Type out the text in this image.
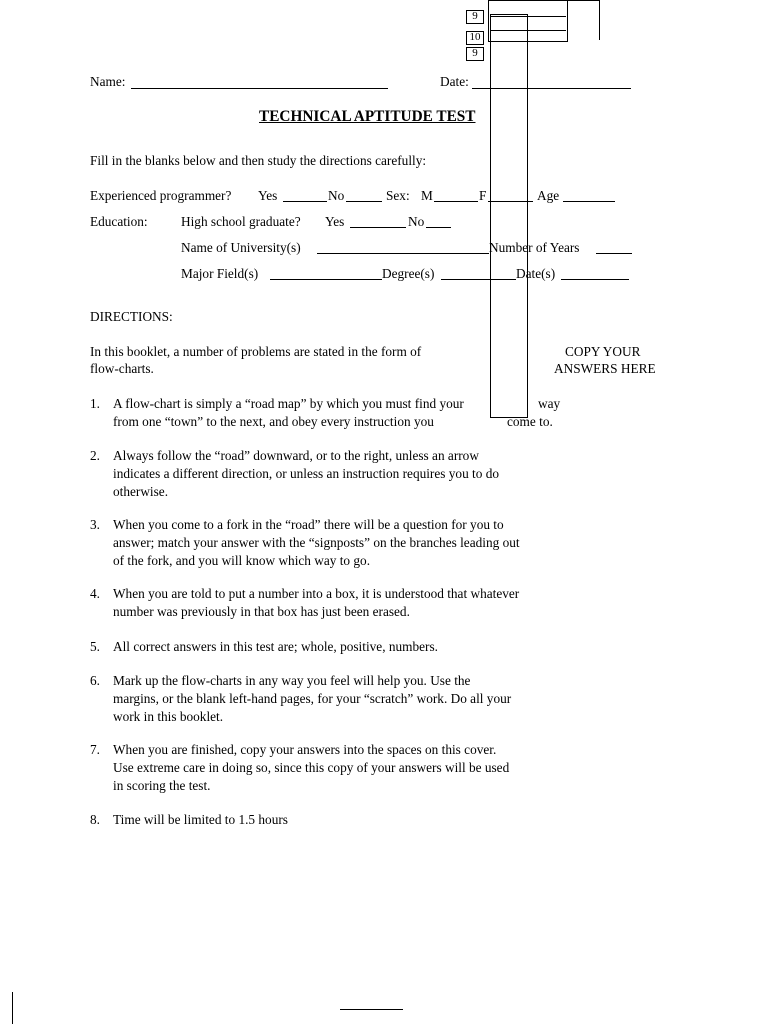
9
10
9
Name:	Date:
TECHNICAL APTITUDE TEST
Fill in the blanks below and then study the directions carefully:
Experienced programmer? Yes	No	Sex: M	F	Age
Education:	High school graduate? Yes	No
Name of University(s)	Number of Years
Major Field(s)	Degree(s)	Date(s)
DIRECTIONS:
In this booklet, a number of problems are stated in the form of
flow-charts.
COPY YOUR
ANSWERS HERE
1. A flow-chart is simply a “road map” by which you must find your
from one “town” to the next, and obey every instruction you
way
come to.
2. Always follow the “road” downward, or to the right, unless an arrow
indicates a different direction, or unless an instruction requires you to do
otherwise.
3. When you come to a fork in the “road” there will be a question for you to
answer; match your answer with the “signposts” on the branches leading out
of the fork, and you will know which way to go.
4. When you are told to put a number into a box, it is understood that whatever
number was previously in that box has just been erased.
5. All correct answers in this test are; whole, positive, numbers.
6. Mark up the flow-charts in any way you feel will help you. Use the
margins, or the blank left-hand pages, for your “scratch” work. Do all your
work in this booklet.
7. When you are finished, copy your answers into the spaces on this cover.
Use extreme care in doing so, since this copy of your answers will be used
in scoring the test.
8. Time will be limited to 1.5 hours
